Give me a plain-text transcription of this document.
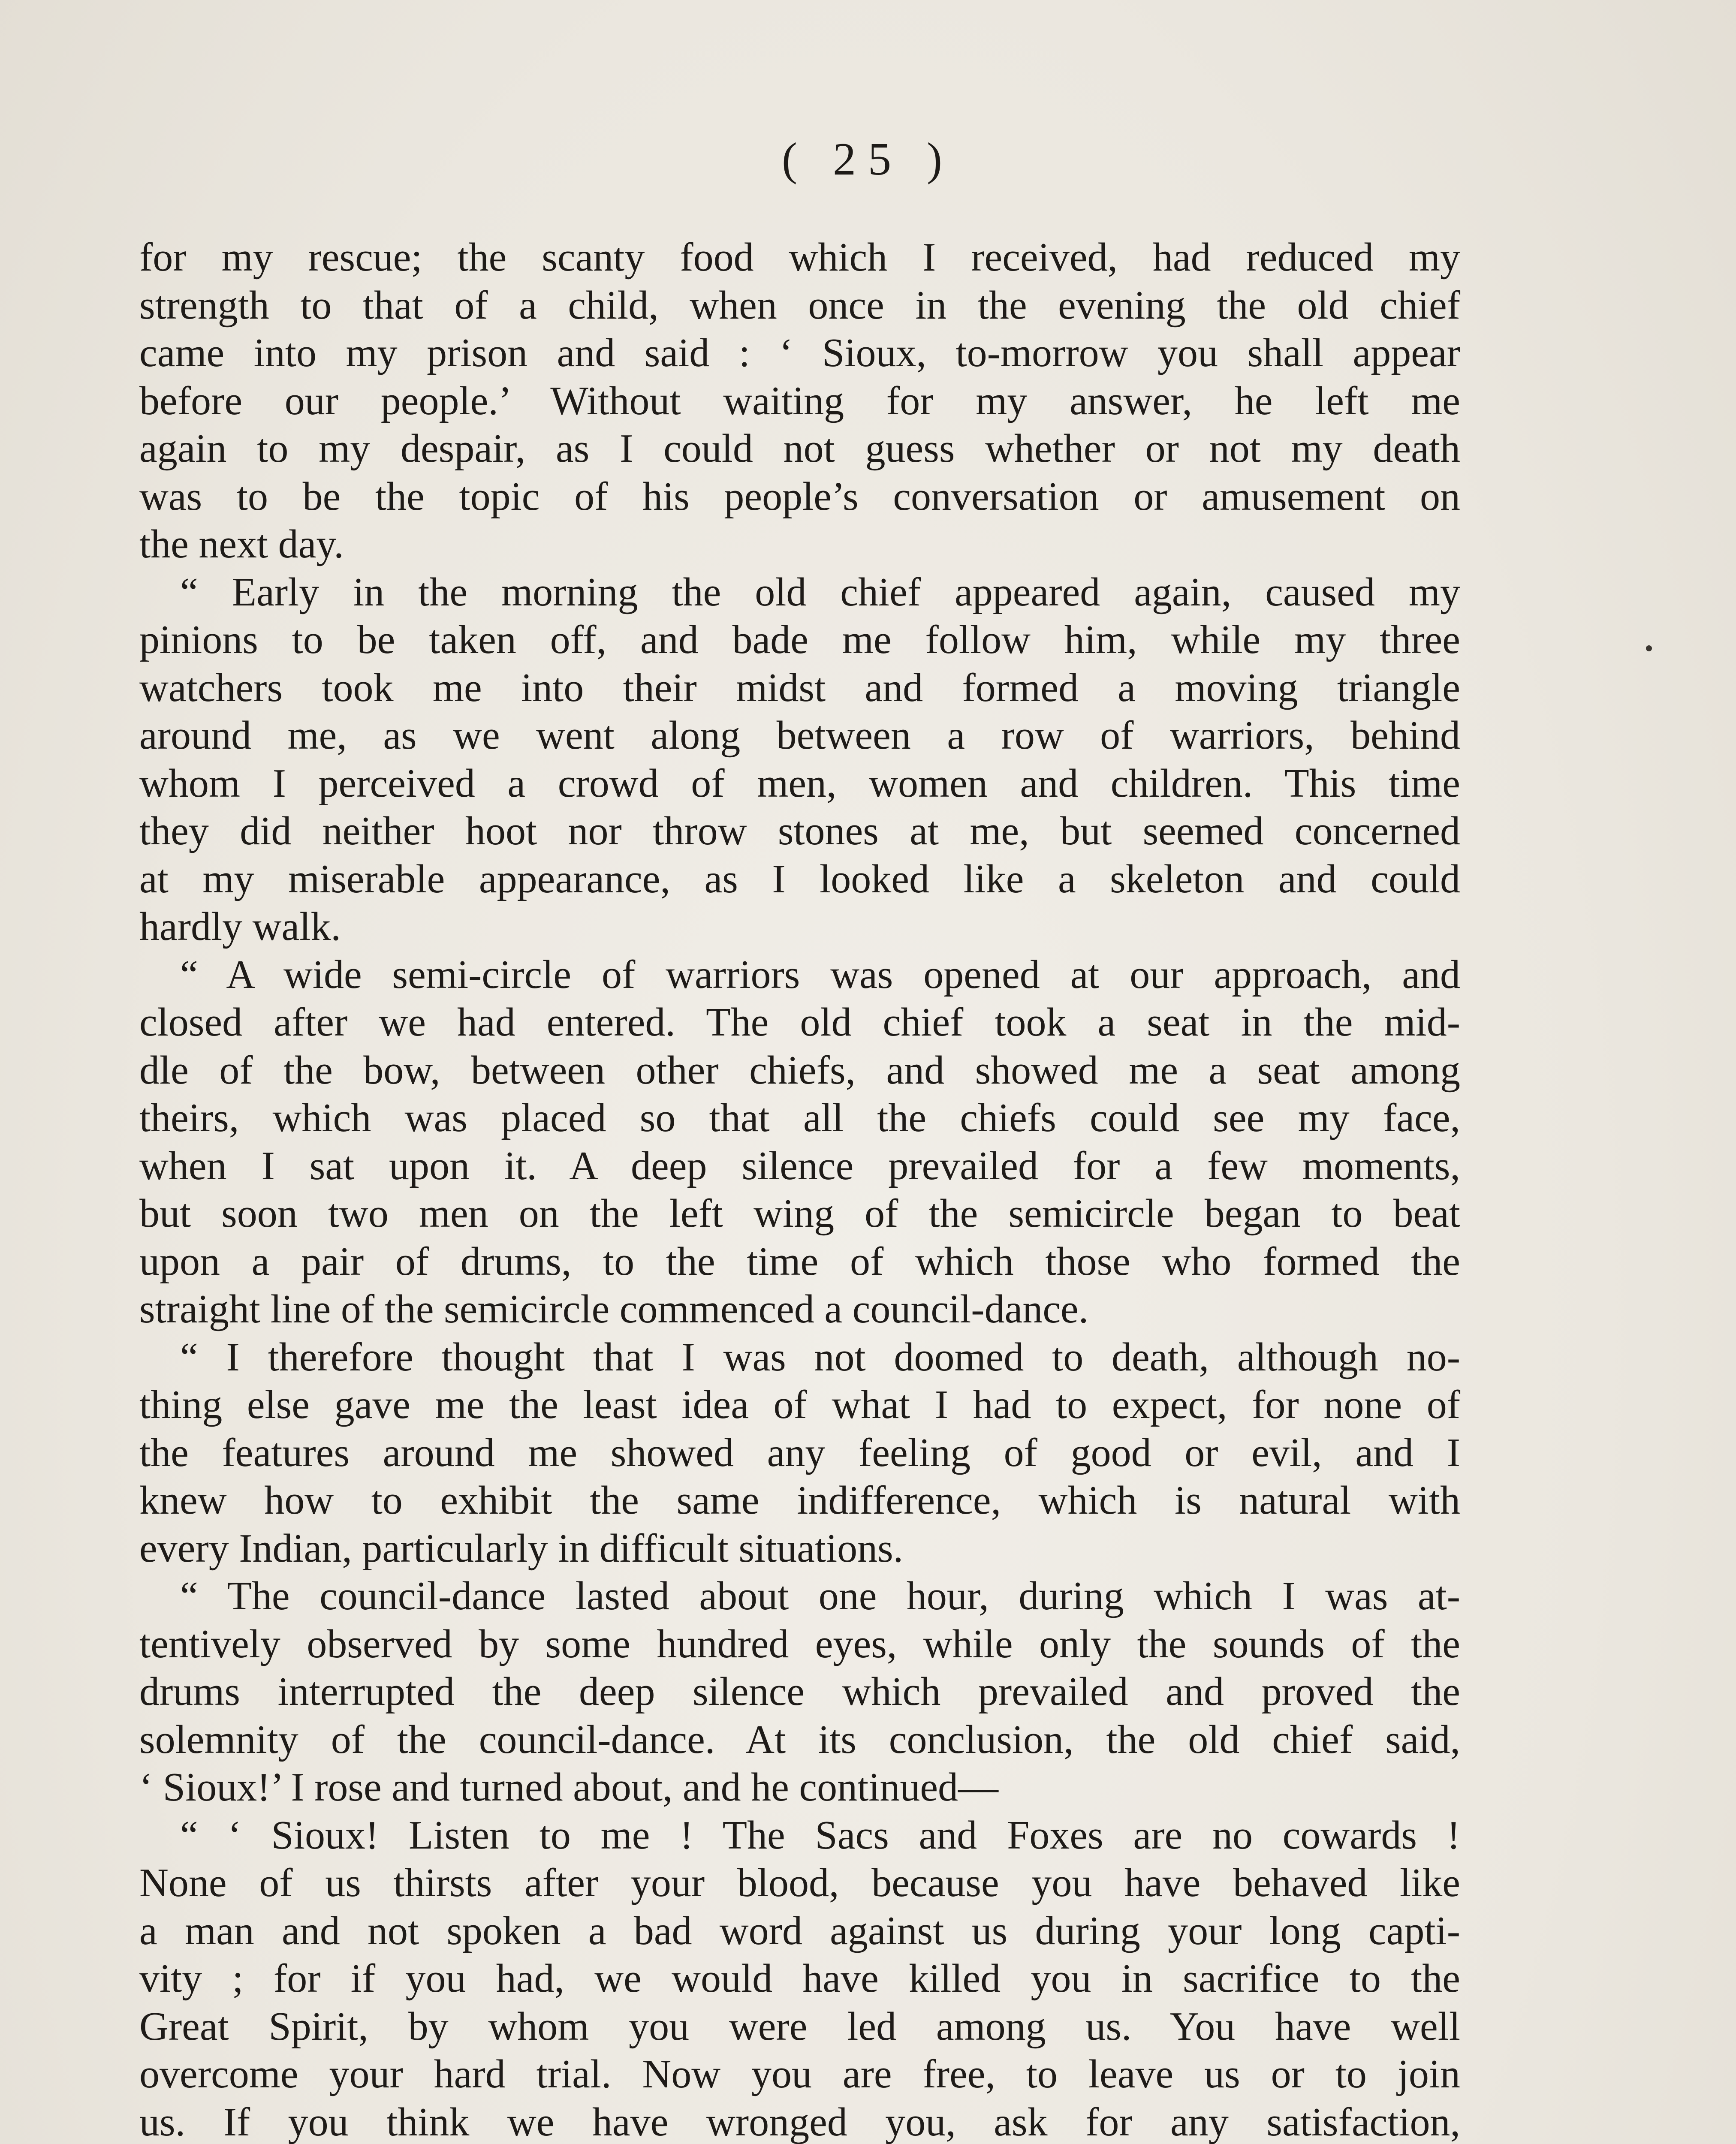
( 25 )
for my rescue; the scanty food which I received, had reduced my
strength to that of a child, when once in the evening the old chief
came into my prison and said : ‘ Sioux, to-morrow you shall appear
before our people.’ Without waiting for my answer, he left me
again to my despair, as I could not guess whether or not my death
was to be the topic of his people’s conversation or amusement on
the next day.
“ Early in the morning the old chief appeared again, caused my
pinions to be taken off, and bade me follow him, while my three
watchers took me into their midst and formed a moving triangle
around me, as we went along between a row of warriors, behind
whom I perceived a crowd of men, women and children. This time
they did neither hoot nor throw stones at me, but seemed concerned
at my miserable appearance, as I looked like a skeleton and could
hardly walk.
“ A wide semi-circle of warriors was opened at our approach, and
closed after we had entered. The old chief took a seat in the mid-
dle of the bow, between other chiefs, and showed me a seat among
theirs, which was placed so that all the chiefs could see my face,
when I sat upon it. A deep silence prevailed for a few moments,
but soon two men on the left wing of the semicircle began to beat
upon a pair of drums, to the time of which those who formed the
straight line of the semicircle commenced a council-dance.
“ I therefore thought that I was not doomed to death, although no-
thing else gave me the least idea of what I had to expect, for none of
the features around me showed any feeling of good or evil, and I
knew how to exhibit the same indifference, which is natural with
every Indian, particularly in difficult situations.
“ The council-dance lasted about one hour, during which I was at-
tentively observed by some hundred eyes, while only the sounds of the
drums interrupted the deep silence which prevailed and proved the
solemnity of the council-dance. At its conclusion, the old chief said,
‘ Sioux!’ I rose and turned about, and he continued—
“ ‘ Sioux! Listen to me ! The Sacs and Foxes are no cowards !
None of us thirsts after your blood, because you have behaved like
a man and not spoken a bad word against us during your long capti-
vity ; for if you had, we would have killed you in sacrifice to the
Great Spirit, by whom you were led among us. You have well
overcome your hard trial. Now you are free, to leave us or to join
us. If you think we have wronged you, ask for any satisfaction,
